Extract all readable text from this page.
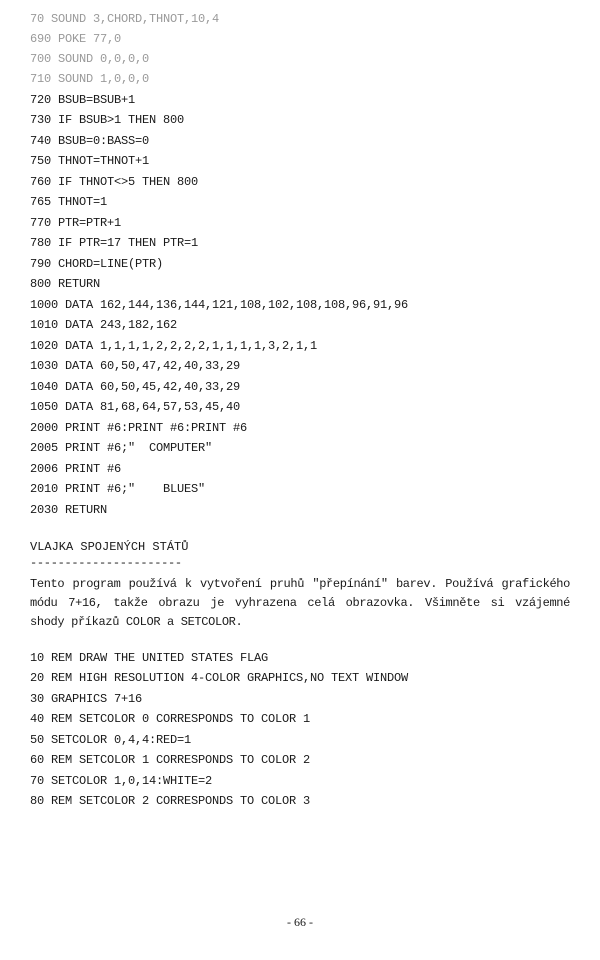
70 SOUND 3,CHORD,THNOT,10,4
690 POKE 77,0
700 SOUND 0,0,0,0
710 SOUND 1,0,0,0
720 BSUB=BSUB+1
730 IF BSUB>1 THEN 800
740 BSUB=0:BASS=0
750 THNOT=THNOT+1
760 IF THNOT<>5 THEN 800
765 THNOT=1
770 PTR=PTR+1
780 IF PTR=17 THEN PTR=1
790 CHORD=LINE(PTR)
800 RETURN
1000 DATA 162,144,136,144,121,108,102,108,108,96,91,96
1010 DATA 243,182,162
1020 DATA 1,1,1,1,2,2,2,2,1,1,1,1,3,2,1,1
1030 DATA 60,50,47,42,40,33,29
1040 DATA 60,50,45,42,40,33,29
1050 DATA 81,68,64,57,53,45,40
2000 PRINT #6:PRINT #6:PRINT #6
2005 PRINT #6;"  COMPUTER"
2006 PRINT #6
2010 PRINT #6;"    BLUES"
2030 RETURN
VLAJKA SPOJENÝCH STÁTŮ
----------------------
Tento program používá k vytvoření pruhů "přepínání" barev. Používá grafického módu 7+16, takže obrazu je vyhrazena celá obrazovka. Všimněte si vzájemné shody příkazů COLOR a SETCOLOR.
10 REM DRAW THE UNITED STATES FLAG
20 REM HIGH RESOLUTION 4-COLOR GRAPHICS,NO TEXT WINDOW
30 GRAPHICS 7+16
40 REM SETCOLOR 0 CORRESPONDS TO COLOR 1
50 SETCOLOR 0,4,4:RED=1
60 REM SETCOLOR 1 CORRESPONDS TO COLOR 2
70 SETCOLOR 1,0,14:WHITE=2
80 REM SETCOLOR 2 CORRESPONDS TO COLOR 3
- 66 -
